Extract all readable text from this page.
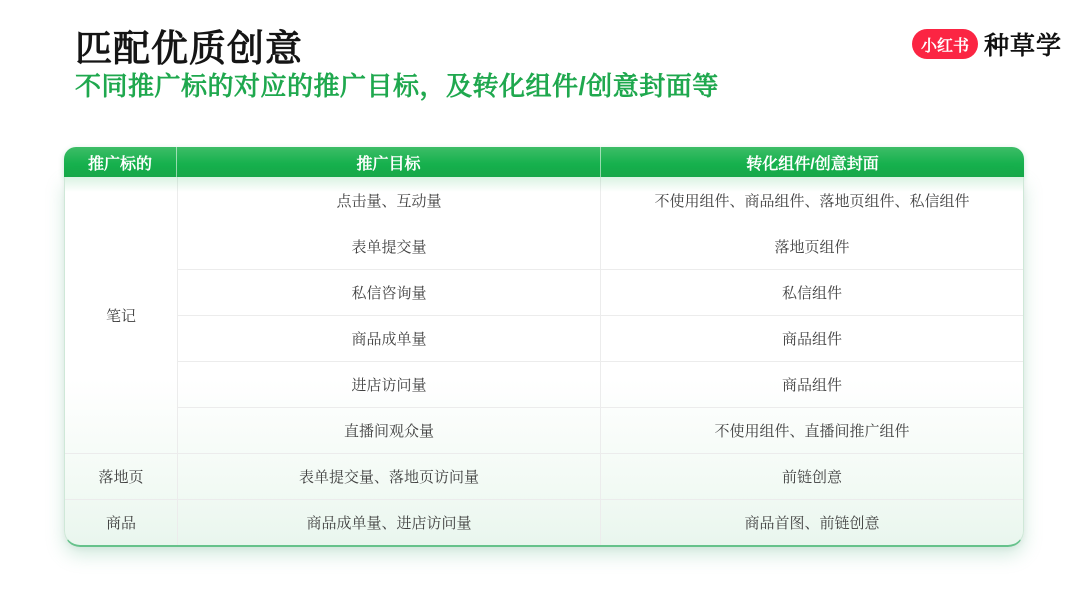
匹配优质创意
不同推广标的对应的推广目标，及转化组件/创意封面等
小红书 种草学
推广标的	推广目标	转化组件/创意封面
笔记
点击量、互动量	不使用组件、商品组件、落地页组件、私信组件
表单提交量	落地页组件
私信咨询量	私信组件
商品成单量	商品组件
进店访问量	商品组件
直播间观众量	不使用组件、直播间推广组件
落地页	表单提交量、落地页访问量	前链创意
商品	商品成单量、进店访问量	商品首图、前链创意
